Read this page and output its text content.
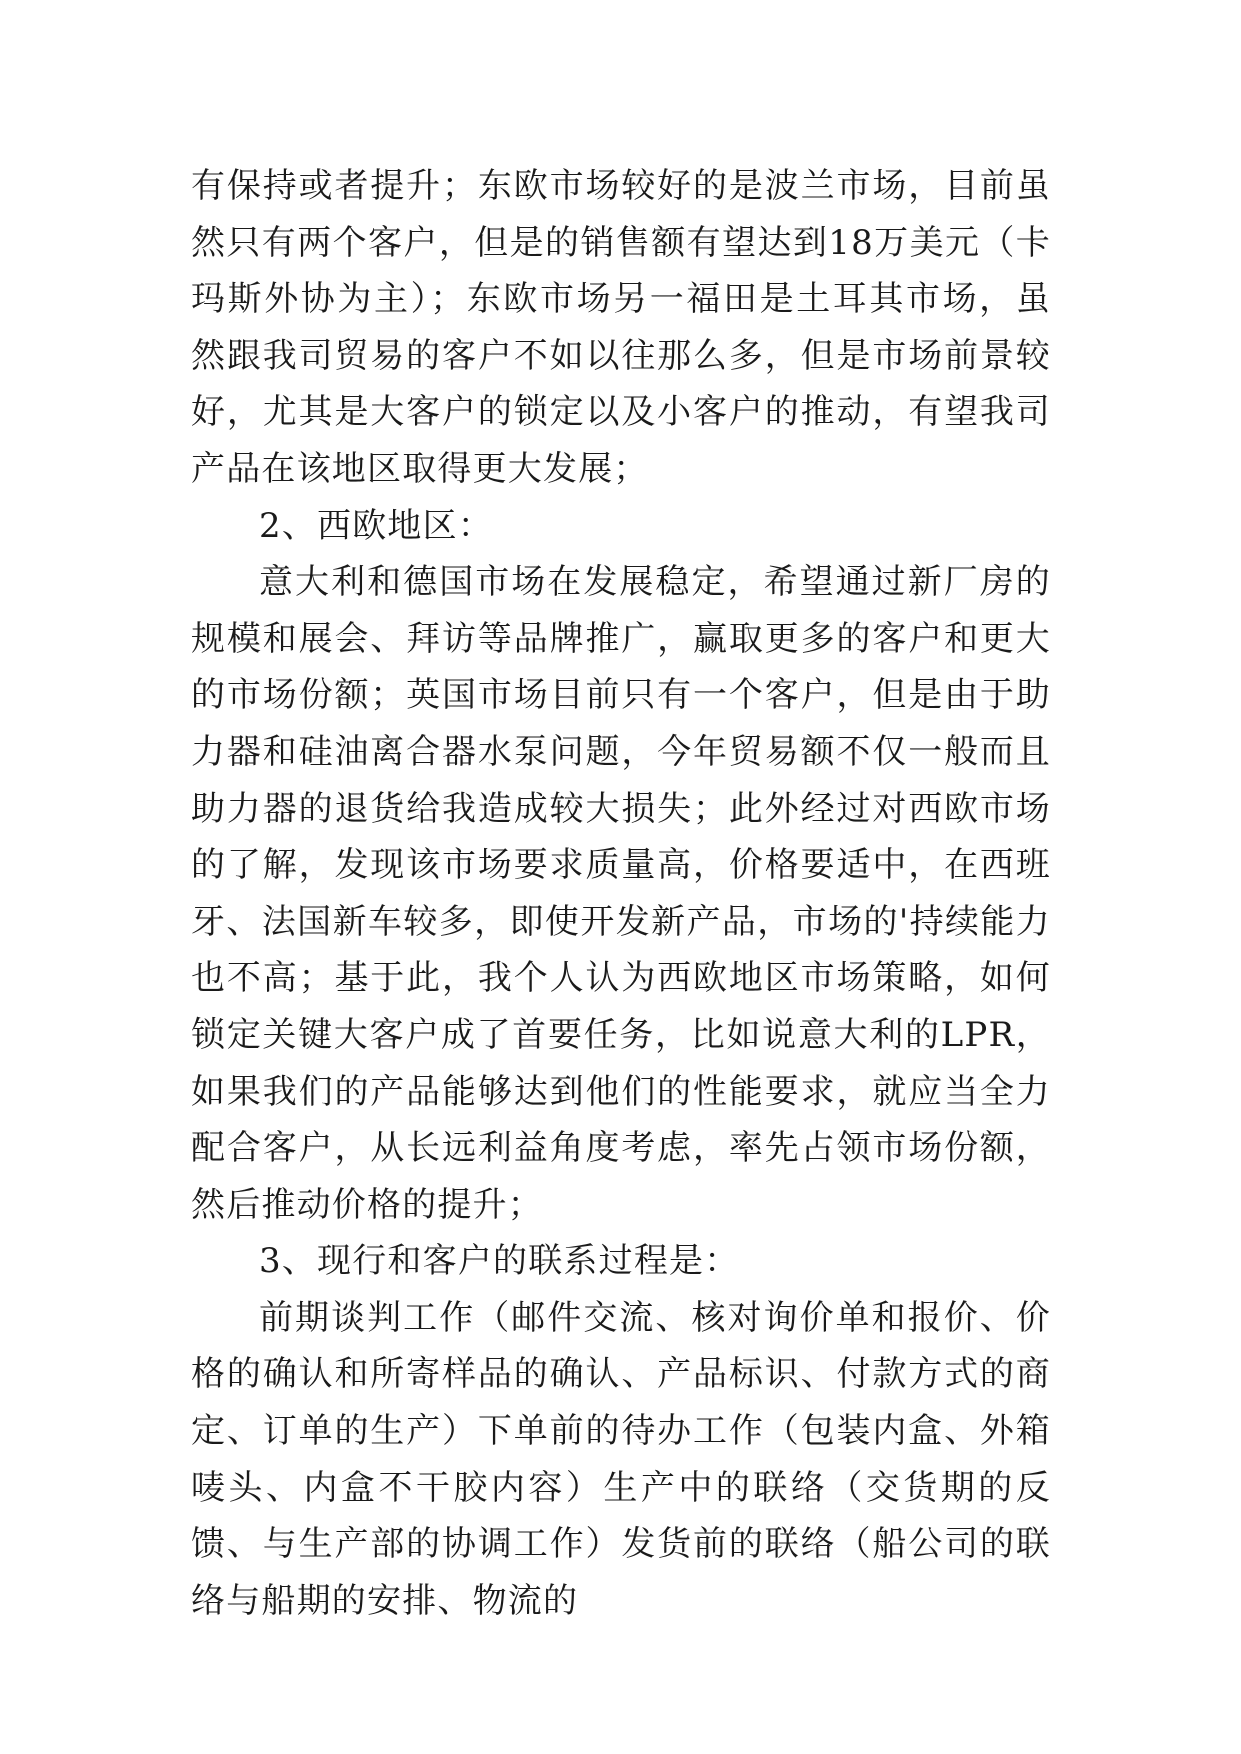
有保持或者提升；东欧市场较好的是波兰市场，目前虽然只有两个客户，但是的销售额有望达到18万美元（卡玛斯外协为主）；东欧市场另一福田是土耳其市场，虽然跟我司贸易的客户不如以往那么多，但是市场前景较好，尤其是大客户的锁定以及小客户的推动，有望我司产品在该地区取得更大发展；

2、西欧地区：

意大利和德国市场在发展稳定，希望通过新厂房的规模和展会、拜访等品牌推广，赢取更多的客户和更大的市场份额；英国市场目前只有一个客户，但是由于助力器和硅油离合器水泵问题，今年贸易额不仅一般而且助力器的退货给我造成较大损失；此外经过对西欧市场的了解，发现该市场要求质量高，价格要适中，在西班牙、法国新车较多，即使开发新产品，市场的'持续能力也不高；基于此，我个人认为西欧地区市场策略，如何锁定关键大客户成了首要任务，比如说意大利的LPR，如果我们的产品能够达到他们的性能要求，就应当全力配合客户，从长远利益角度考虑，率先占领市场份额，然后推动价格的提升；

3、现行和客户的联系过程是：

前期谈判工作（邮件交流、核对询价单和报价、价格的确认和所寄样品的确认、产品标识、付款方式的商定、订单的生产）下单前的待办工作（包装内盒、外箱唛头、内盒不干胶内容）生产中的联络（交货期的反馈、与生产部的协调工作）发货前的联络（船公司的联络与船期的安排、物流的
